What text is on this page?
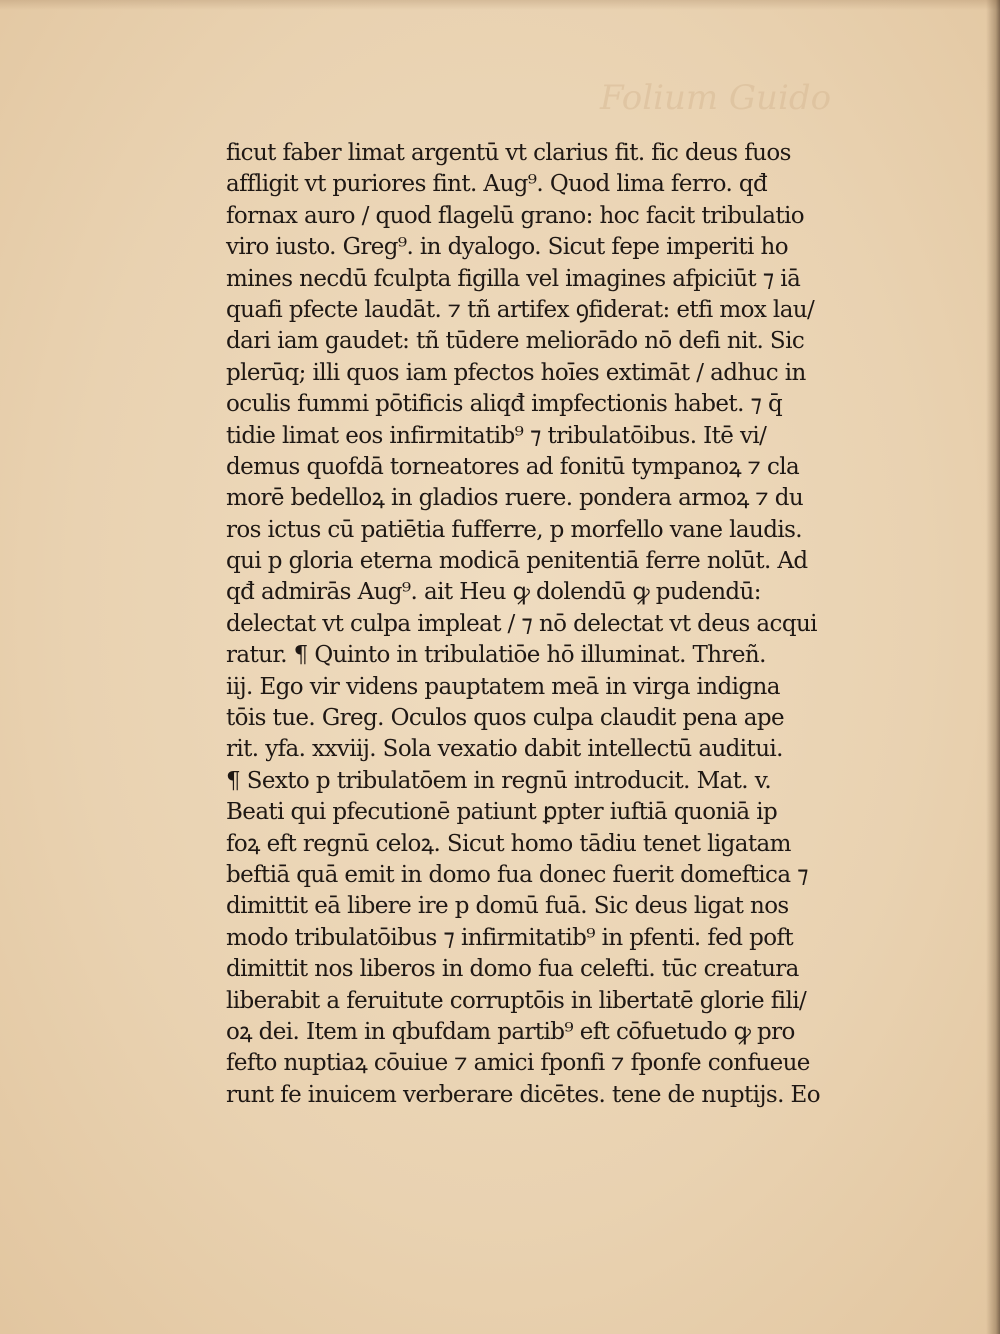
Folium Guido
ficut faber limat argentū vt clarius fit. fic deus fuos
affligit vt puriores fint. Aug⁹. Quod lima ferro. qđ
fornax auro / quod flagelū grano: hoc facit tribulatio
viro iusto. Greg⁹. in dyalogo. Sicut fepe imperiti ho
mines necdū fculpta figilla vel imagines afpiciūt ⁊ iā
quafi pfecte laudāt. ⁊ tñ artifex ꝯfiderat: etfi mox lau/
dari iam gaudet: tñ tūdere meliorādo nō defi nit. Sic
plerūq; illi quos iam pfectos hoīes extimāt / adhuc in
oculis fummi pōtificis aliqđ impfectionis habet. ⁊ q̄
tidie limat eos infirmitatib⁹ ⁊ tribulatōibus. Itē vi/
demus quofdā torneatores ad fonitū tympanoꝝ ⁊ cla
morē bedelloꝝ in gladios ruere. pondera armoꝝ ⁊ du
ros ictus cū patiētia fufferre, p morfello vane laudis.
qui p gloria eterna modicā penitentiā ferre nolūt. Ad
qđ admirās Aug⁹. ait Heu ꝙ dolendū ꝙ pudendū:
delectat vt culpa impleat / ⁊ nō delectat vt deus acqui
ratur. ¶ Quinto in tribulatiōe hō illuminat. Threñ.
iij. Ego vir videns pauptatem meā in virga indigna
tōis tue. Greg. Oculos quos culpa claudit pena ape
rit. yfa. xxviij. Sola vexatio dabit intellectū auditui.
¶ Sexto p tribulatōem in regnū introducit. Mat. v.
Beati qui pfecutionē patiunt ꝑpter iuftiā quoniā ip
foꝝ eft regnū celoꝝ. Sicut homo tādiu tenet ligatam
beftiā quā emit in domo fua donec fuerit domeftica ⁊
dimittit eā libere ire p domū fuā. Sic deus ligat nos
modo tribulatōibus ⁊ infirmitatib⁹ in pfenti. fed poft
dimittit nos liberos in domo fua celefti. tūc creatura
liberabit a feruitute corruptōis in libertatē glorie fili/
oꝝ dei. Item in qbufdam partib⁹ eft cōfuetudo ꝙ pro
fefto nuptiaꝝ cōuiue ⁊ amici fponfi ⁊ fponfe confueue
runt fe inuicem verberare dicētes. tene de nuptijs. Eo
